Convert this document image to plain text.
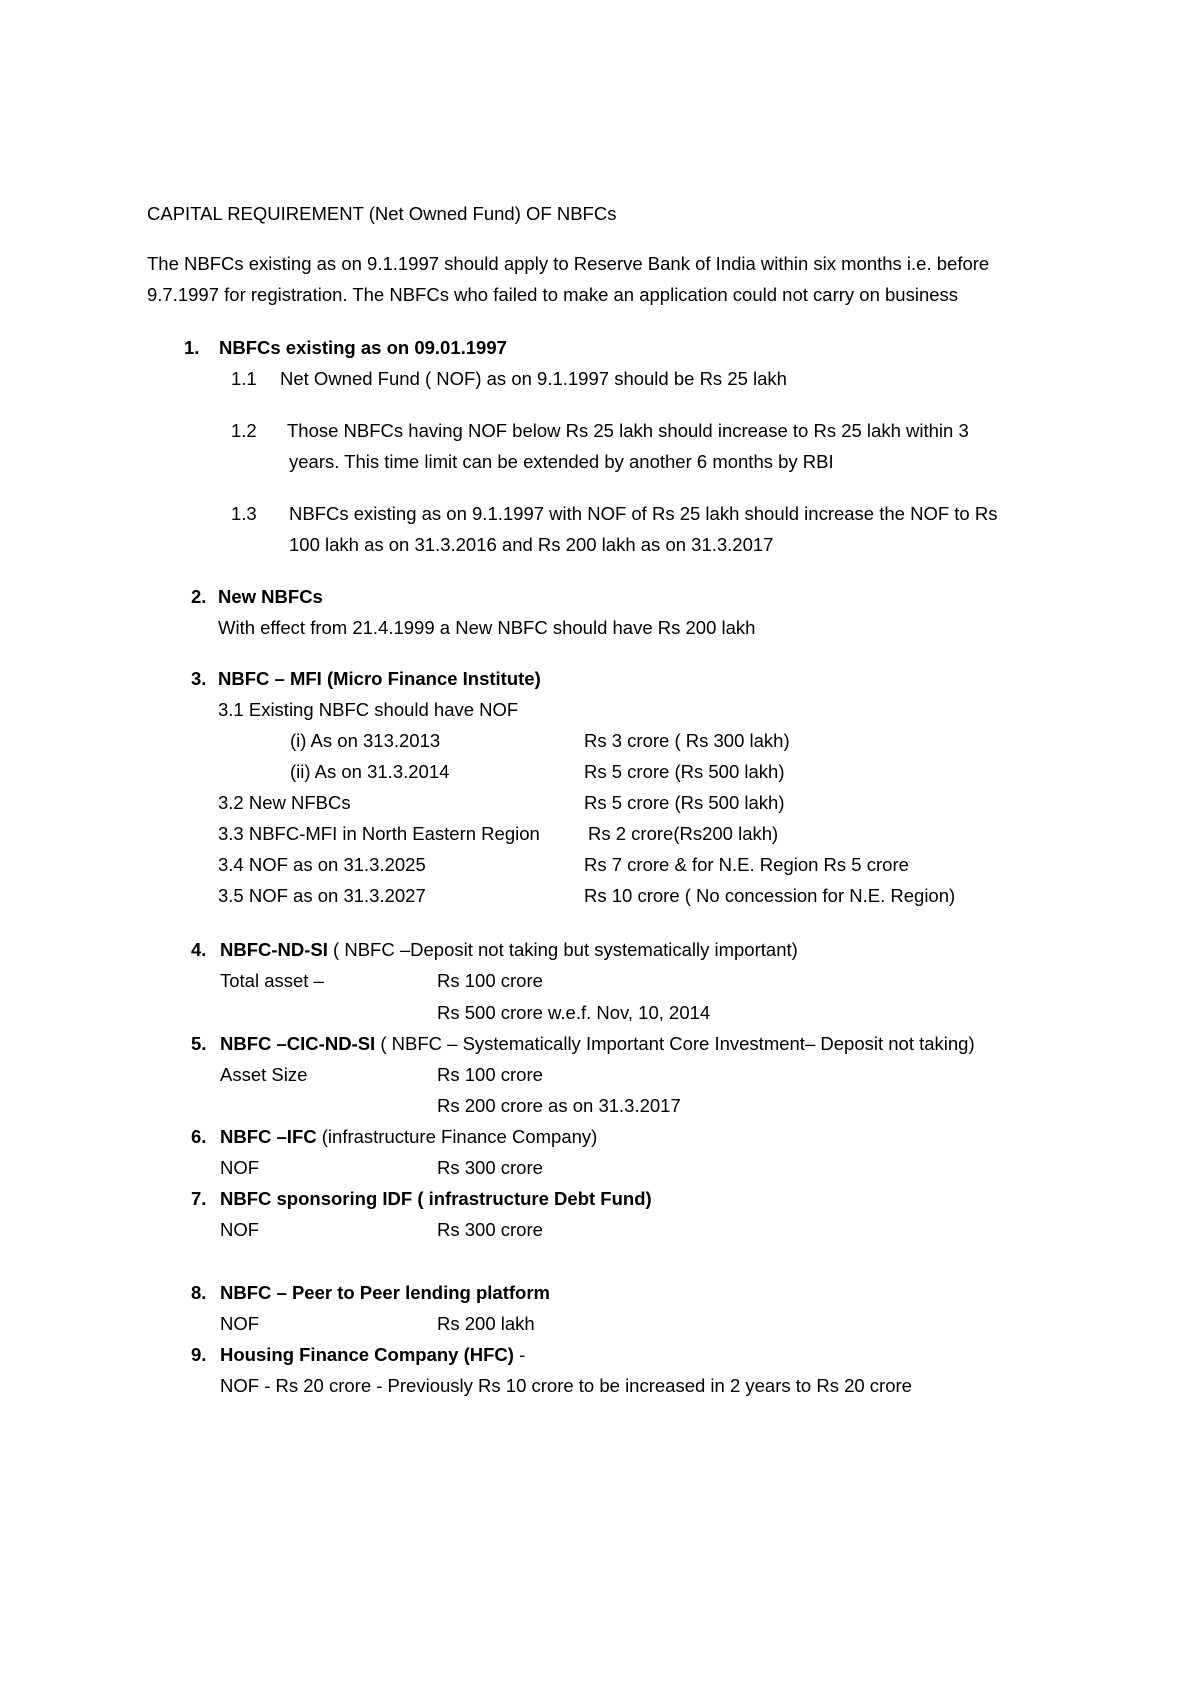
CAPITAL REQUIREMENT (Net Owned Fund) OF NBFCs
The NBFCs existing as on 9.1.1997 should apply to Reserve Bank of India within six months i.e. before
9.7.1997 for registration. The NBFCs who failed to make an application could not carry on business
1. NBFCs existing as on 09.01.1997
1.1 Net Owned Fund ( NOF) as on 9.1.1997 should be Rs 25 lakh
1.2 Those NBFCs having NOF below Rs 25 lakh should increase to Rs 25 lakh within 3
years. This time limit can be extended by another 6 months by RBI
1.3 NBFCs existing as on 9.1.1997 with NOF of Rs 25 lakh should increase the NOF to Rs
100 lakh as on 31.3.2016 and Rs 200 lakh as on 31.3.2017
2. New NBFCs
With effect from 21.4.1999 a New NBFC should have Rs 200 lakh
3. NBFC – MFI (Micro Finance Institute)
3.1 Existing NBFC should have NOF
(i) As on 313.2013	Rs 3 crore ( Rs 300 lakh)
(ii) As on 31.3.2014	Rs 5 crore (Rs 500 lakh)
3.2 New NFBCs	Rs 5 crore (Rs 500 lakh)
3.3 NBFC-MFI in North Eastern Region	Rs 2 crore(Rs200 lakh)
3.4 NOF as on 31.3.2025	Rs 7 crore & for N.E. Region Rs 5 crore
3.5 NOF as on 31.3.2027	Rs 10 crore ( No concession for N.E. Region)
4. NBFC-ND-SI ( NBFC –Deposit not taking but systematically important)
Total asset –	Rs 100 crore
Rs 500 crore w.e.f. Nov, 10, 2014
5. NBFC –CIC-ND-SI ( NBFC – Systematically Important Core Investment– Deposit not taking)
Asset Size	Rs 100 crore
Rs 200 crore as on 31.3.2017
6. NBFC –IFC (infrastructure Finance Company)
NOF	Rs 300 crore
7. NBFC sponsoring IDF ( infrastructure Debt Fund)
NOF	Rs 300 crore
8. NBFC – Peer to Peer lending platform
NOF	Rs 200 lakh
9. Housing Finance Company (HFC) -
NOF - Rs 20 crore - Previously Rs 10 crore to be increased in 2 years to Rs 20 crore
